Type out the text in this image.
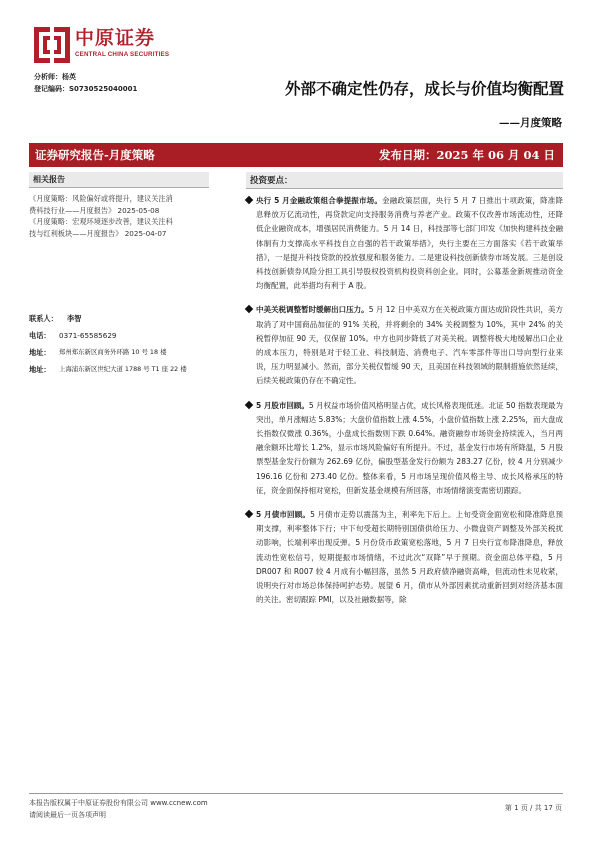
中原证券
CENTRAL CHINA SECURITIES
分析师：杨英
登记编码：S0730525040001	外部不确定性仍存，成长与价值均衡配置
——月度策略
证券研究报告-月度策略	发布日期：2025 年 06 月 04 日
相关报告

《月度策略：风险偏好或将提升，建议关注消

费科技行业——月度报告》 2025-05-08

《月度策略：宏观环境逐步改善，建议关注科

技与红利板块——月度报告》 2025-04-07

联系人：	李智
电话：	0371-65585629
地址：	郑州郑东新区商务外环路 10 号 18 楼
地址：	上海浦东新区世纪大道 1788 号 T1 座 22 楼
投资要点：
央行 5 月金融政策组合拳提振市场。金融政策层面，央行 5 月 7 日推出十项政策，降准降息释放万亿流动性，再贷款定向支持服务消费与养老产业。政策不仅改善市场流动性，还降低企业融资成本，增强居民消费能力。5 月 14 日，科技部等七部门印发《加快构建科技金融体制有力支撑高水平科技自立自强的若干政策举措》，央行主要在三方面落实《若干政策举措》，一是提升科技贷款的投放强度和服务能力。二是建设科技创新债券市场发展。三是创设科技创新债券风险分担工具引导股权投资机构投资科创企业。同时，公募基金新规推动资金均衡配置，此举措均有利于 A 股。
中美关税调整暂时缓解出口压力。5 月 12 日中美双方在关税政策方面达成阶段性共识，美方取消了对中国商品加征的 91% 关税，并将剩余的 34% 关税调整为 10%，其中 24% 的关税暂停加征 90 天，仅保留 10%。中方也同步降低了对美关税。调整将极大地缓解出口企业的成本压力，特别是对于轻工业、科技制造、消费电子、汽车零部件等出口导向型行业来说，压力明显减小。然而，部分关税仅暂缓 90 天，且美国在科技领域的限制措施依然延续，后续关税政策仍存在不确定性。
5 月股市回顾。5 月权益市场价值风格明显占优，成长风格表现低迷。北证 50 指数表现最为突出，单月涨幅达 5.83%；大盘价值指数上涨 4.5%，小盘价值指数上涨 2.25%，而大盘成长指数仅微涨 0.36%，小盘成长指数则下跌 0.64%。融资融券市场资金持续流入，当月两融余额环比增长 1.2%，显示市场风险偏好有所提升。不过，基金发行市场有所降温，5 月股票型基金发行份额为 262.69 亿份，偏股型基金发行份额为 283.27 亿份，较 4 月分别减少 196.16 亿份和 273.40 亿份。整体来看，5 月市场呈现价值风格主导、成长风格承压的特征，资金面保持相对宽松，但新发基金规模有所回落，市场情绪演变需密切跟踪。
5 月债市回顾。5 月债市走势以震荡为主，利率先下后上。上旬受资金面宽松和降准降息预期支撑，利率整体下行；中下旬受超长期特别国债供给压力、小微盘资产调整及外部关税扰动影响，长端利率出现反弹。5 月份货币政策宽松落地，5 月 7 日央行宣布降准降息，释放流动性宽松信号，短期提振市场情绪，不过此次“双降”早于预期。资金面总体平稳，5 月 DR007 和 R007 较 4 月成有小幅回落，虽然 5 月政府债净融资高峰，但流动性未见收紧，说明央行对市场总体保持呵护态势。展望 6 月，债市从外部因素扰动重新回到对经济基本面的关注。密切跟踪 PMI，以及社融数据等，除
本报告版权属于中原证券股份有限公司 www.ccnew.com
请阅读最后一页各项声明
第 1 页 / 共 17 页
